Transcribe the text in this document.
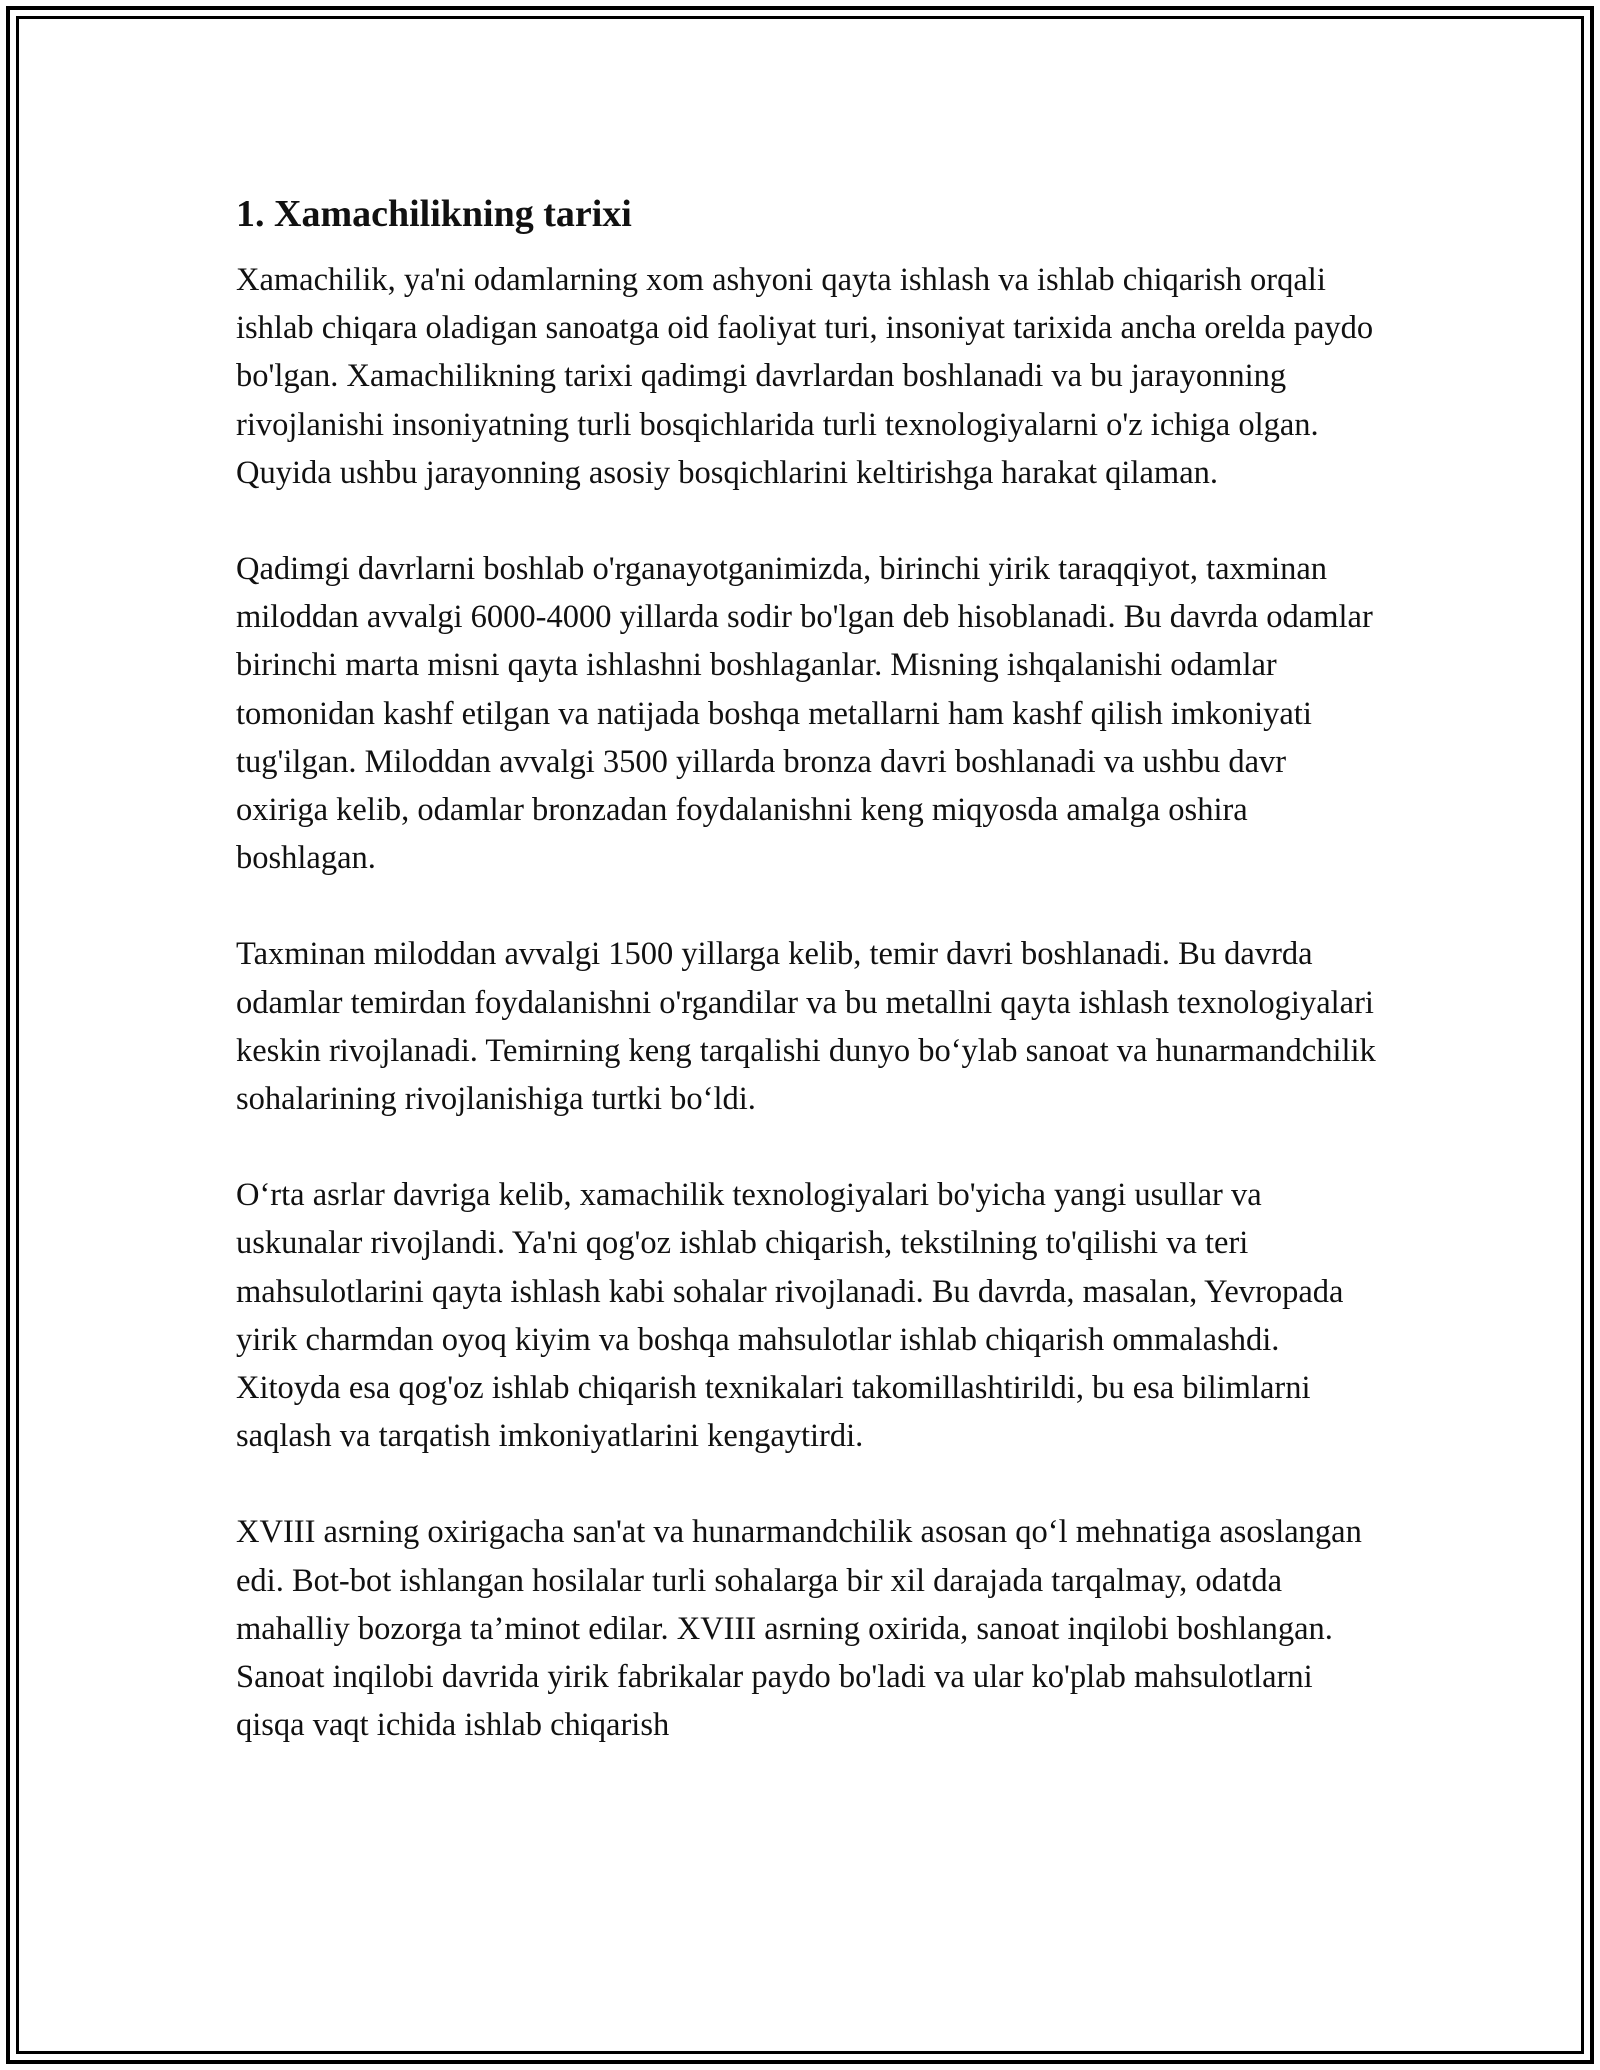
1. Xamachilikning tarixi

Xamachilik, ya'ni odamlarning xom ashyoni qayta ishlash va ishlab chiqarish orqali ishlab chiqara oladigan sanoatga oid faoliyat turi, insoniyat tarixida ancha orelda paydo bo'lgan. Xamachilikning tarixi qadimgi davrlardan boshlanadi va bu jarayonning rivojlanishi insoniyatning turli bosqichlarida turli texnologiyalarni o'z ichiga olgan. Quyida ushbu jarayonning asosiy bosqichlarini keltirishga harakat qilaman.

Qadimgi davrlarni boshlab o'rganayotganimizda, birinchi yirik taraqqiyot, taxminan miloddan avvalgi 6000-4000 yillarda sodir bo'lgan deb hisoblanadi. Bu davrda odamlar birinchi marta misni qayta ishlashni boshlaganlar. Misning ishqalanishi odamlar tomonidan kashf etilgan va natijada boshqa metallarni ham kashf qilish imkoniyati tug'ilgan. Miloddan avvalgi 3500 yillarda bronza davri boshlanadi va ushbu davr oxiriga kelib, odamlar bronzadan foydalanishni keng miqyosda amalga oshira boshlagan.

Taxminan miloddan avvalgi 1500 yillarga kelib, temir davri boshlanadi. Bu davrda odamlar temirdan foydalanishni o'rgandilar va bu metallni qayta ishlash texnologiyalari keskin rivojlanadi. Temirning keng tarqalishi dunyo bo‘ylab sanoat va hunarmandchilik sohalarining rivojlanishiga turtki bo‘ldi.

O‘rta asrlar davriga kelib, xamachilik texnologiyalari bo'yicha yangi usullar va uskunalar rivojlandi. Ya'ni qog'oz ishlab chiqarish, tekstilning to'qilishi va teri mahsulotlarini qayta ishlash kabi sohalar rivojlanadi. Bu davrda, masalan, Yevropada yirik charmdan oyoq kiyim va boshqa mahsulotlar ishlab chiqarish ommalashdi. Xitoyda esa qog'oz ishlab chiqarish texnikalari takomillashtirildi, bu esa bilimlarni saqlash va tarqatish imkoniyatlarini kengaytirdi.

XVIII asrning oxirigacha san'at va hunarmandchilik asosan qo‘l mehnatiga asoslangan edi. Bot-bot ishlangan hosilalar turli sohalarga bir xil darajada tarqalmay, odatda mahalliy bozorga ta’minot edilar. XVIII asrning oxirida, sanoat inqilobi boshlangan. Sanoat inqilobi davrida yirik fabrikalar paydo bo'ladi va ular ko'plab mahsulotlarni qisqa vaqt ichida ishlab chiqarish
